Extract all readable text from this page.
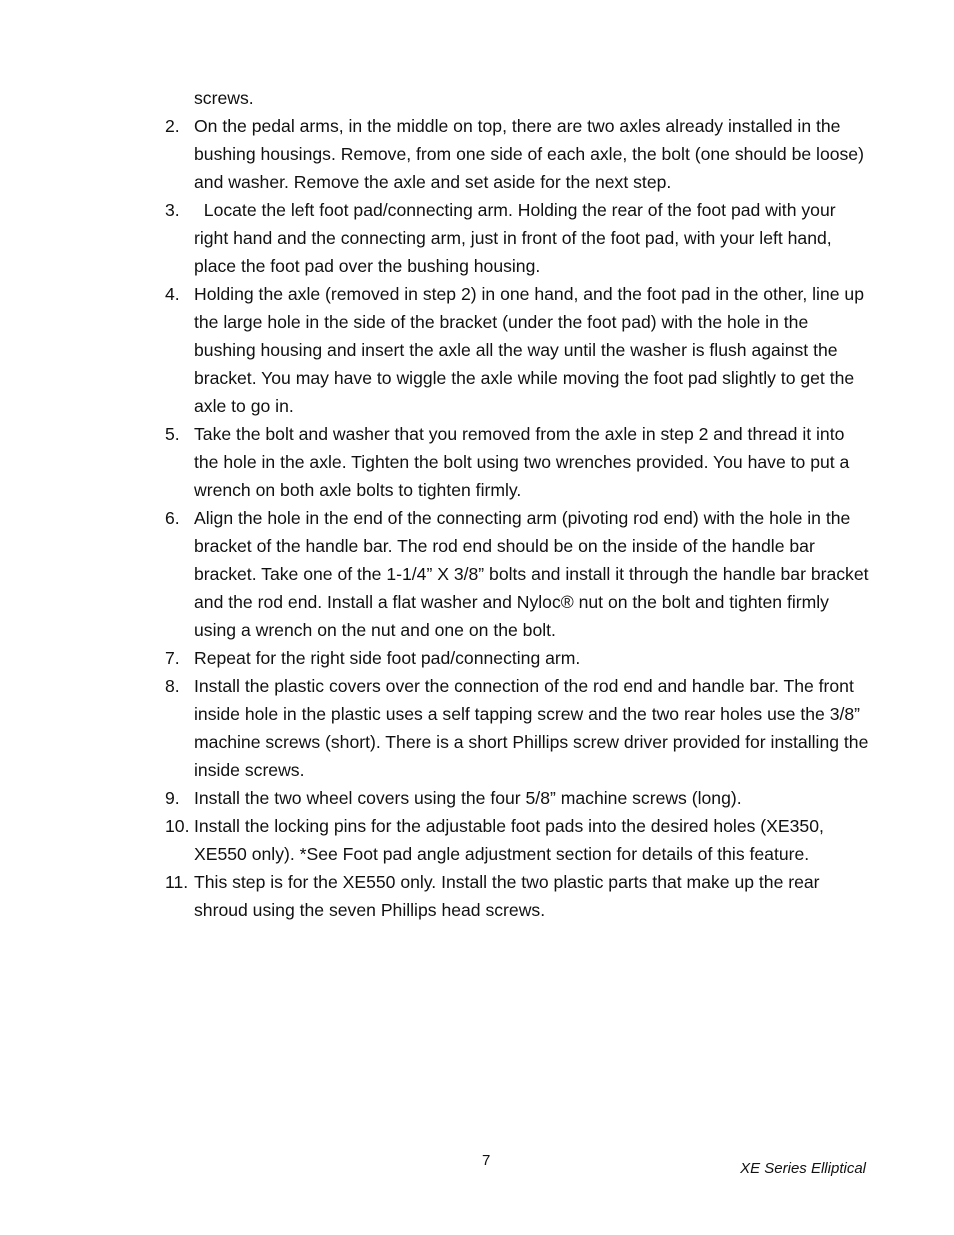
screws.
2. On the pedal arms, in the middle on top, there are two axles already installed in the bushing housings. Remove, from one side of each axle, the bolt (one should be loose) and washer. Remove the axle and set aside for the next step.
3. Locate the left foot pad/connecting arm. Holding the rear of the foot pad with your right hand and the connecting arm, just in front of the foot pad, with your left hand, place the foot pad over the bushing housing.
4. Holding the axle (removed in step 2) in one hand, and the foot pad in the other, line up the large hole in the side of the bracket (under the foot pad) with the hole in the bushing housing and insert the axle all the way until the washer is flush against the bracket. You may have to wiggle the axle while moving the foot pad slightly to get the axle to go in.
5. Take the bolt and washer that you removed from the axle in step 2 and thread it into the hole in the axle. Tighten the bolt using two wrenches provided. You have to put a wrench on both axle bolts to tighten firmly.
6. Align the hole in the end of the connecting arm (pivoting rod end) with the hole in the bracket of the handle bar. The rod end should be on the inside of the handle bar bracket. Take one of the 1-1/4” X 3/8” bolts and install it through the handle bar bracket and the rod end. Install a flat washer and Nyloc® nut on the bolt and tighten firmly using a wrench on the nut and one on the bolt.
7. Repeat for the right side foot pad/connecting arm.
8. Install the plastic covers over the connection of the rod end and handle bar. The front inside hole in the plastic uses a self tapping screw and the two rear holes use the 3/8” machine screws (short). There is a short Phillips screw driver provided for installing the inside screws.
9. Install the two wheel covers using the four 5/8” machine screws (long).
10. Install the locking pins for the adjustable foot pads into the desired holes (XE350, XE550 only). *See Foot pad angle adjustment section for details of this feature.
11. This step is for the XE550 only. Install the two plastic parts that make up the rear shroud using the seven Phillips head screws.
7	XE Series Elliptical
